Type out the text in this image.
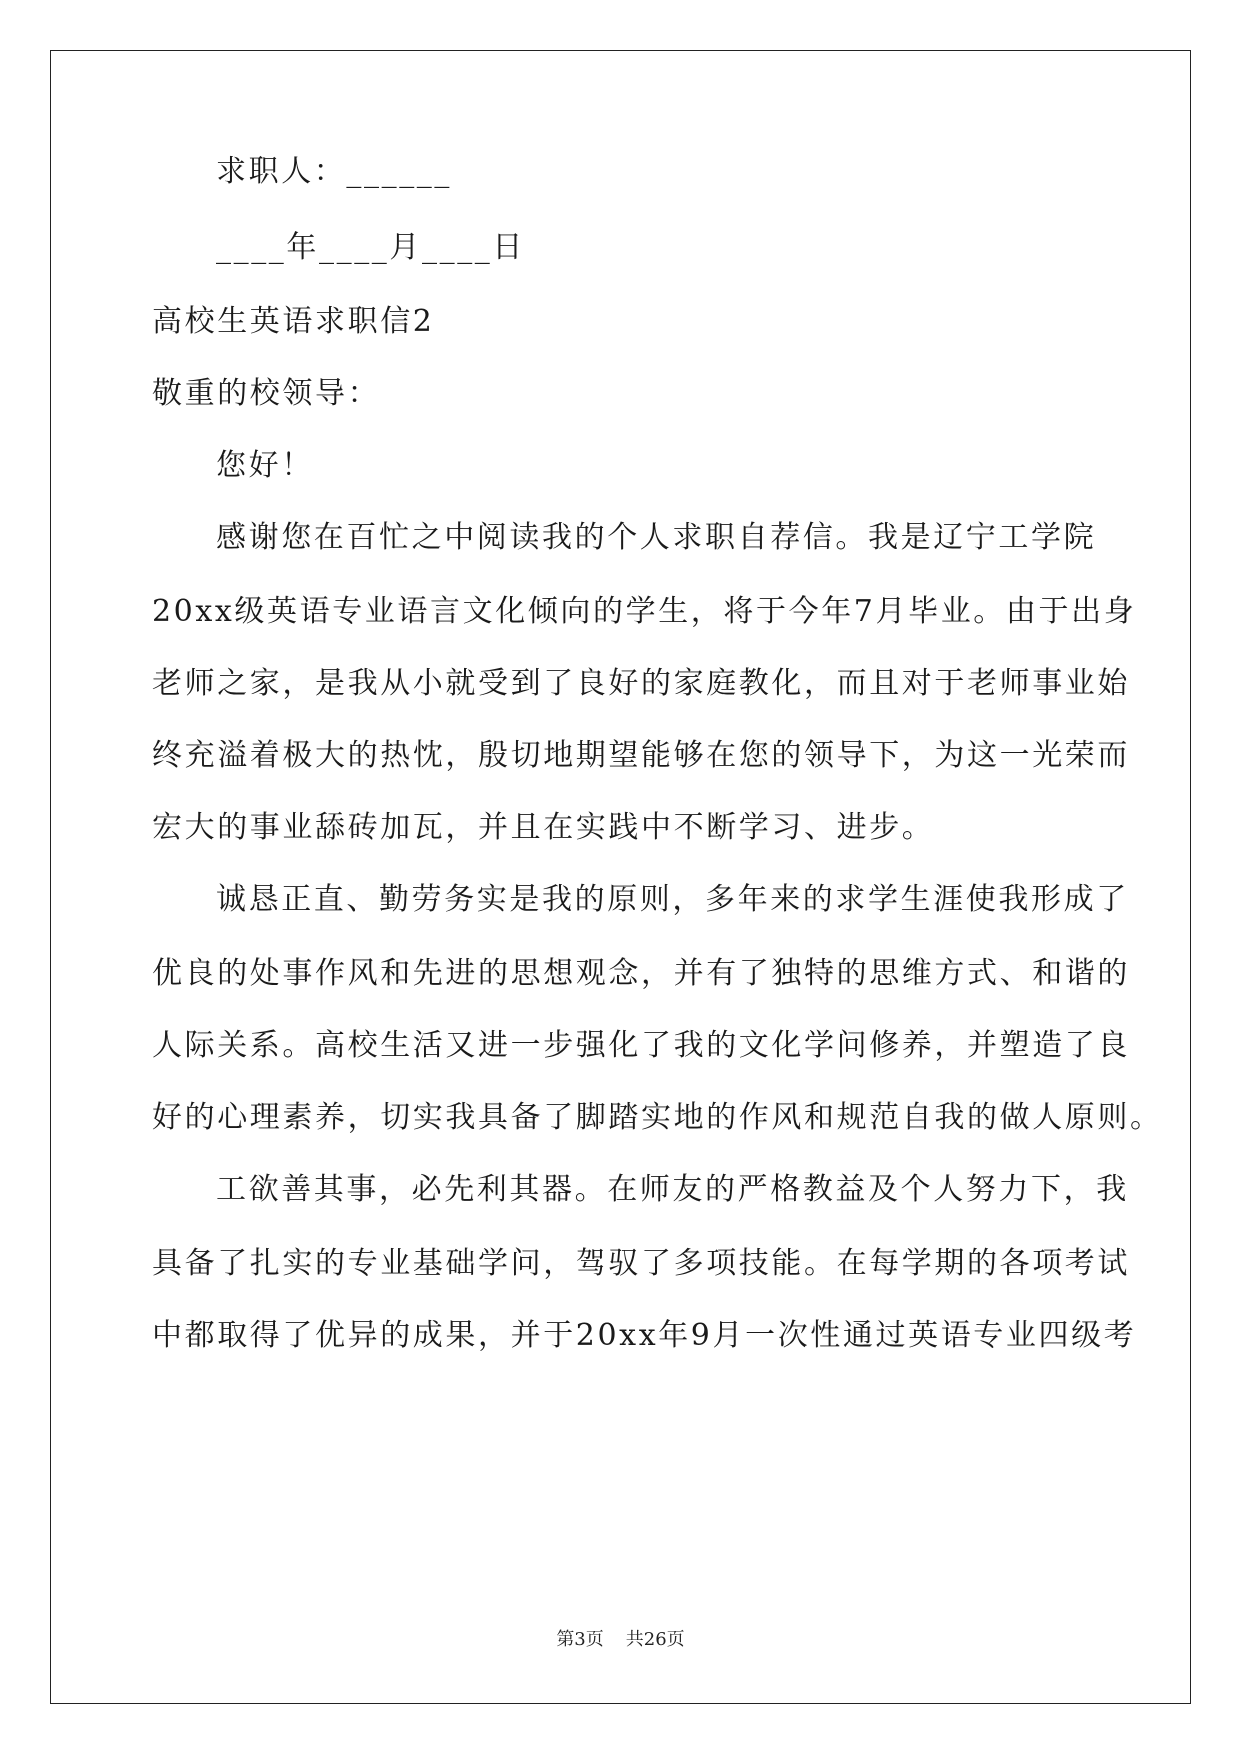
求职人：______
____年____月____日
高校生英语求职信2
敬重的校领导：
您好！
感谢您在百忙之中阅读我的个人求职自荐信。我是辽宁工学院
20xx级英语专业语言文化倾向的学生，将于今年7月毕业。由于出身
老师之家，是我从小就受到了良好的家庭教化，而且对于老师事业始
终充溢着极大的热忱，殷切地期望能够在您的领导下，为这一光荣而
宏大的事业舔砖加瓦，并且在实践中不断学习、进步。
诚恳正直、勤劳务实是我的原则，多年来的求学生涯使我形成了
优良的处事作风和先进的思想观念，并有了独特的思维方式、和谐的
人际关系。高校生活又进一步强化了我的文化学问修养，并塑造了良
好的心理素养，切实我具备了脚踏实地的作风和规范自我的做人原则。
工欲善其事，必先利其器。在师友的严格教益及个人努力下，我
具备了扎实的专业基础学问，驾驭了多项技能。在每学期的各项考试
中都取得了优异的成果，并于20xx年9月一次性通过英语专业四级考
第3页 共26页
